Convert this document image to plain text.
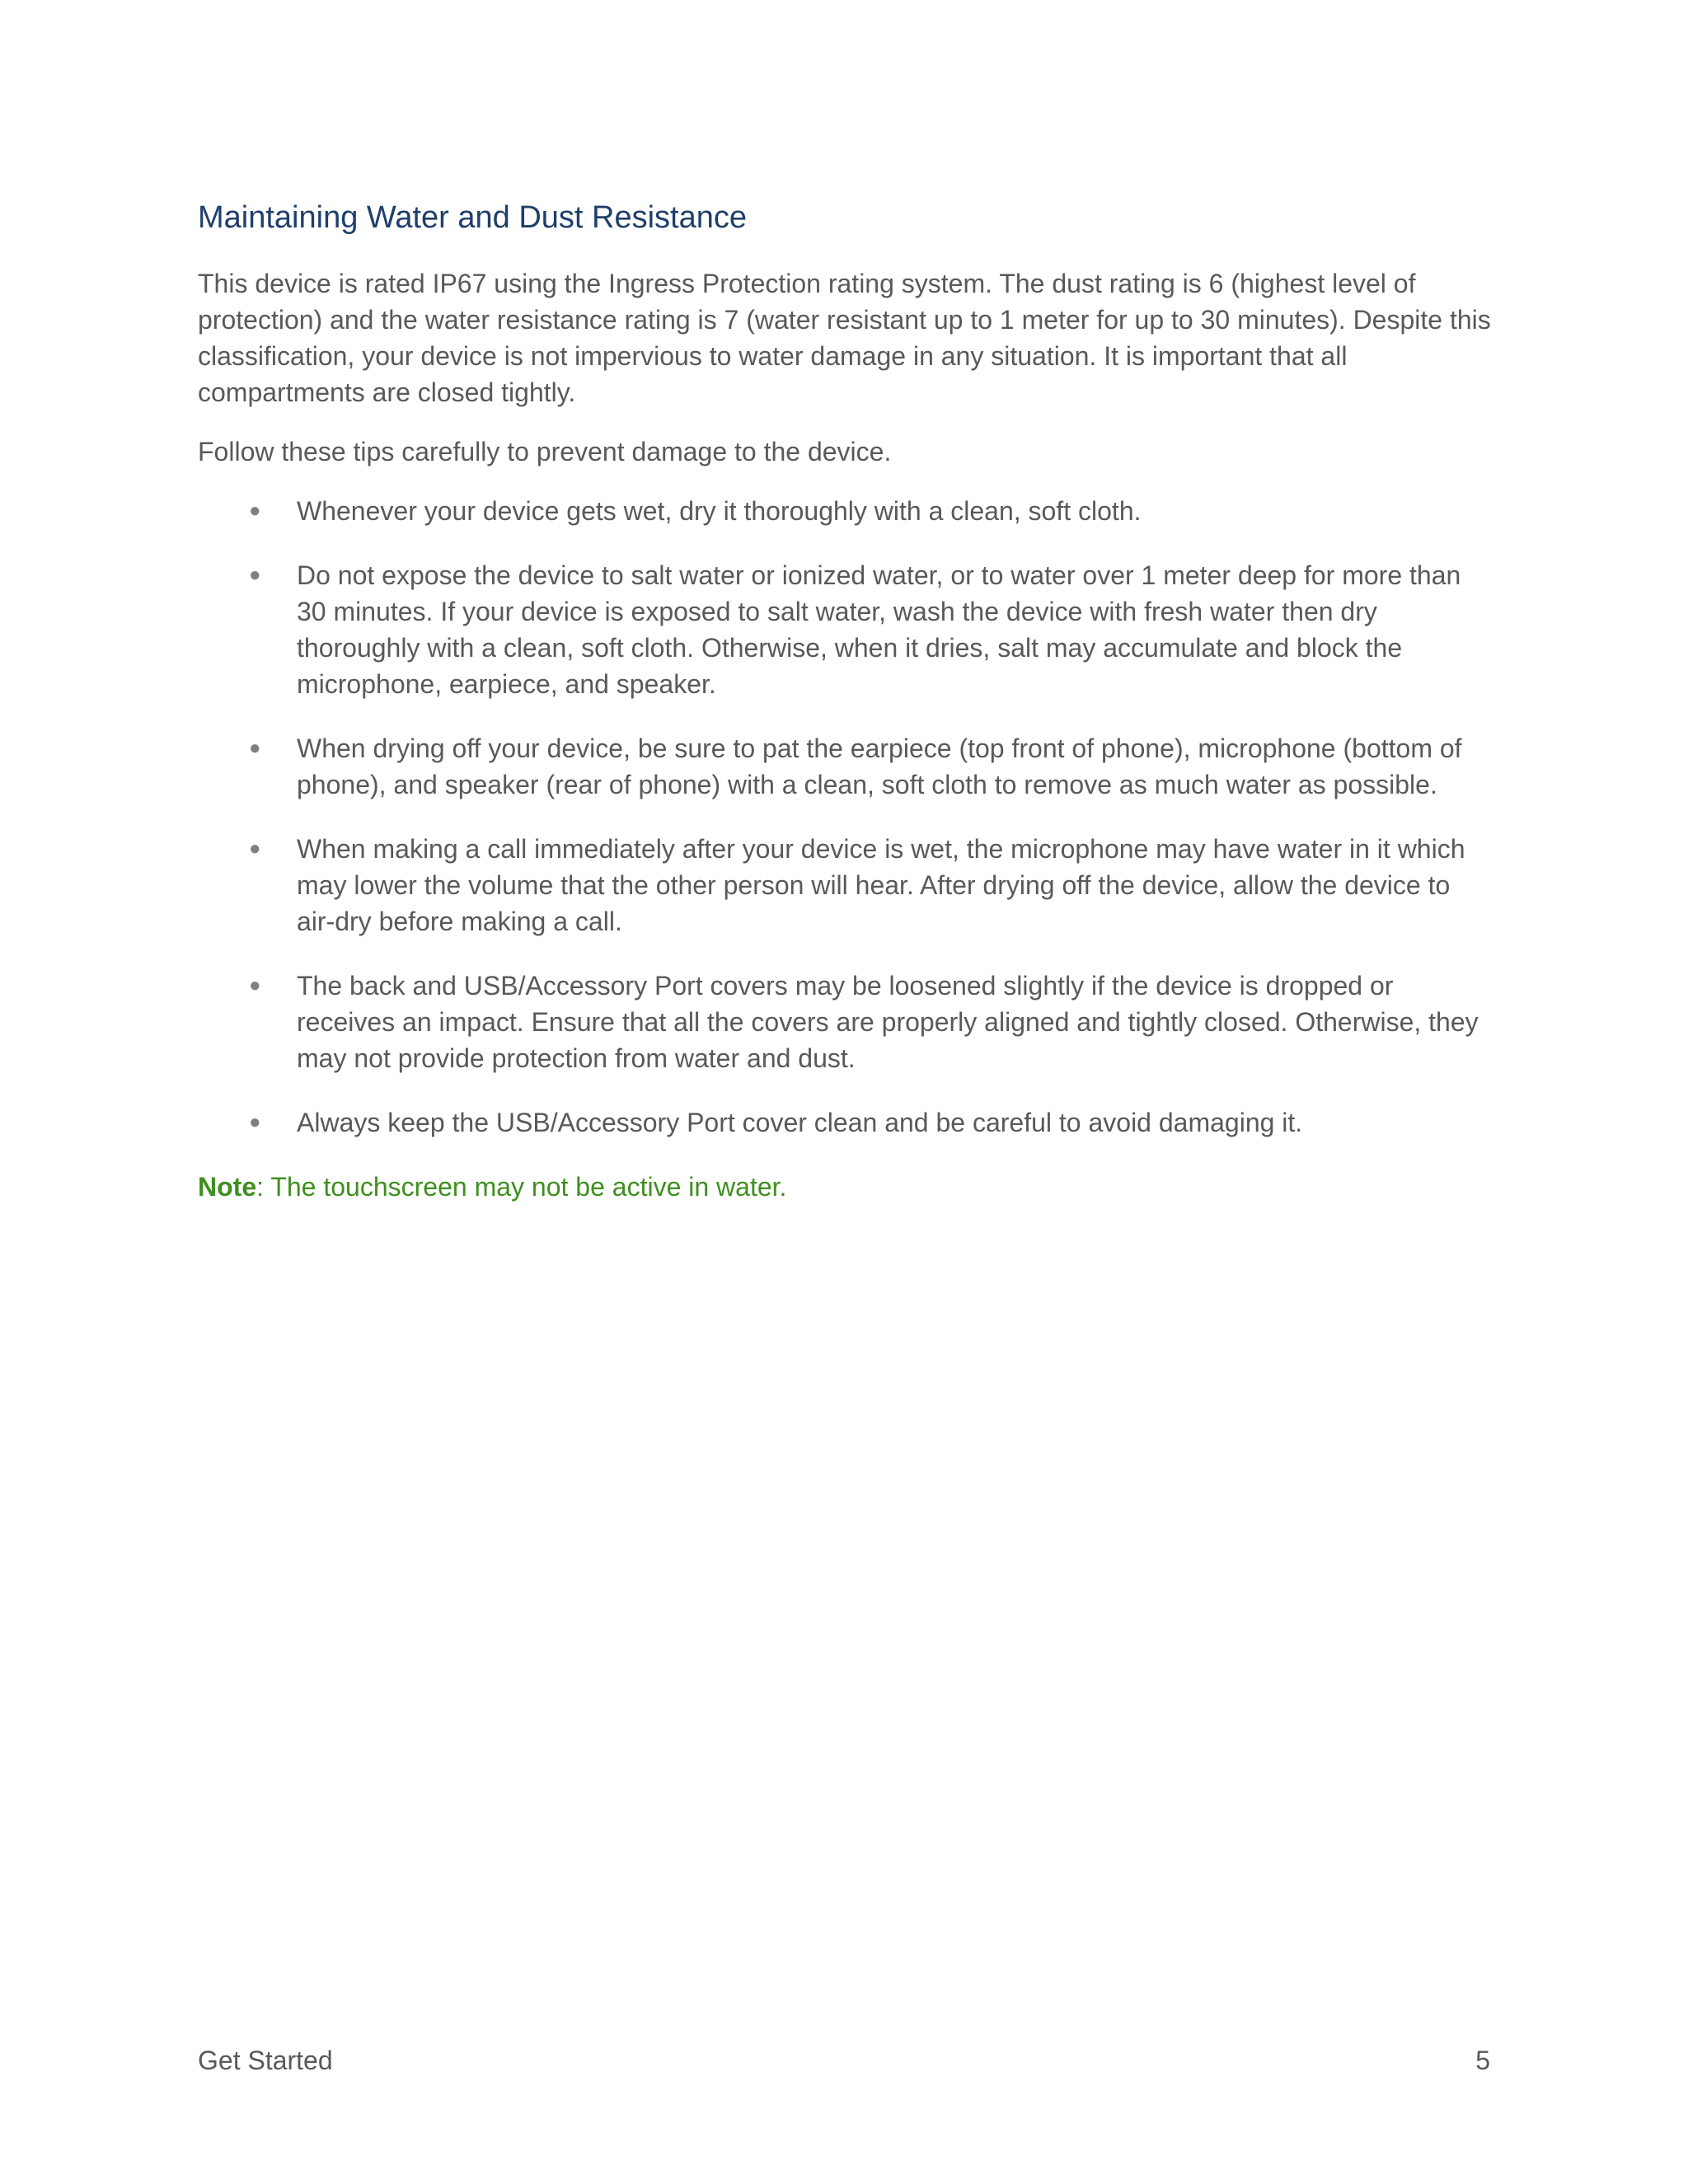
Maintaining Water and Dust Resistance

This device is rated IP67 using the Ingress Protection rating system. The dust rating is 6 (highest level of protection) and the water resistance rating is 7 (water resistant up to 1 meter for up to 30 minutes). Despite this classification, your device is not impervious to water damage in any situation. It is important that all compartments are closed tightly.

Follow these tips carefully to prevent damage to the device.

● Whenever your device gets wet, dry it thoroughly with a clean, soft cloth.
● Do not expose the device to salt water or ionized water, or to water over 1 meter deep for more than 30 minutes. If your device is exposed to salt water, wash the device with fresh water then dry thoroughly with a clean, soft cloth. Otherwise, when it dries, salt may accumulate and block the microphone, earpiece, and speaker.
● When drying off your device, be sure to pat the earpiece (top front of phone), microphone (bottom of phone), and speaker (rear of phone) with a clean, soft cloth to remove as much water as possible.
● When making a call immediately after your device is wet, the microphone may have water in it which may lower the volume that the other person will hear. After drying off the device, allow the device to air-dry before making a call.
● The back and USB/Accessory Port covers may be loosened slightly if the device is dropped or receives an impact. Ensure that all the covers are properly aligned and tightly closed. Otherwise, they may not provide protection from water and dust.
● Always keep the USB/Accessory Port cover clean and be careful to avoid damaging it.

Note: The touchscreen may not be active in water.

Get Started	5
